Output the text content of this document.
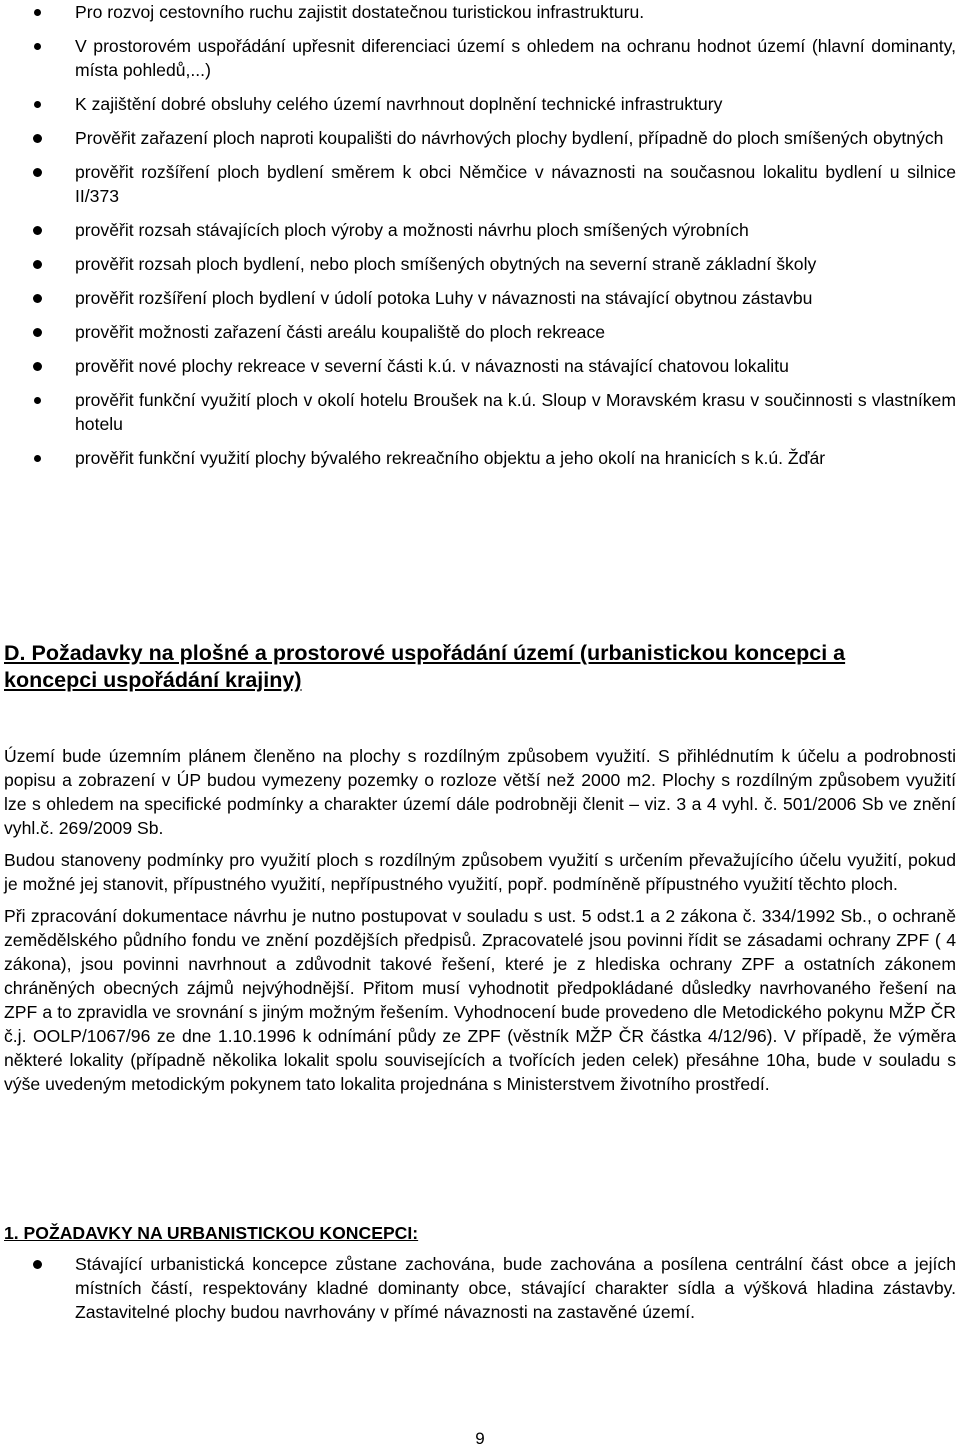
Pro rozvoj cestovního ruchu zajistit dostatečnou turistickou infrastrukturu.
V prostorovém uspořádání upřesnit diferenciaci území s ohledem na ochranu hodnot území (hlavní dominanty, místa pohledů,...)
K zajištění dobré obsluhy celého území navrhnout doplnění technické infrastruktury
Prověřit zařazení ploch naproti koupališti do návrhových plochy bydlení, případně do ploch smíšených obytných
prověřit rozšíření ploch bydlení směrem k obci Němčice v návaznosti na současnou lokalitu bydlení u silnice II/373
prověřit rozsah stávajících ploch výroby a možnosti návrhu ploch smíšených výrobních
prověřit rozsah ploch bydlení, nebo ploch smíšených obytných na severní straně základní školy
prověřit rozšíření ploch bydlení v údolí potoka Luhy v návaznosti na stávající obytnou zástavbu
prověřit možnosti zařazení části areálu koupaliště do ploch rekreace
prověřit nové plochy rekreace v severní části k.ú. v návaznosti na stávající chatovou lokalitu
prověřit funkční využití ploch v okolí hotelu Broušek na k.ú. Sloup v Moravském krasu v součinnosti s vlastníkem hotelu
prověřit funkční využití plochy bývalého rekreačního objektu a jeho okolí na hranicích s k.ú. Žďár
D. Požadavky na plošné a prostorové uspořádání území (urbanistickou koncepci a koncepci uspořádání krajiny)

Území bude územním plánem členěno na plochy s rozdílným způsobem využití. S přihlédnutím k účelu a podrobnosti popisu a zobrazení v ÚP budou vymezeny pozemky o rozloze větší než 2000 m2. Plochy s rozdílným způsobem využití lze s ohledem na specifické podmínky a charakter území dále podrobněji členit – viz. 3 a 4 vyhl. č. 501/2006 Sb ve znění vyhl.č. 269/2009 Sb.

Budou stanoveny podmínky pro využití ploch s rozdílným způsobem využití s určením převažujícího účelu využití, pokud je možné jej stanovit, přípustného využití, nepřípustného využití, popř. podmíněně přípustného využití těchto ploch.

Při zpracování dokumentace návrhu je nutno postupovat v souladu s ust. 5 odst.1 a 2 zákona č. 334/1992 Sb., o ochraně zemědělského půdního fondu ve znění pozdějších předpisů. Zpracovatelé jsou povinni řídit se zásadami ochrany ZPF ( 4 zákona), jsou povinni navrhnout a zdůvodnit takové řešení, které je z hlediska ochrany ZPF a ostatních zákonem chráněných obecných zájmů nejvýhodnější. Přitom musí vyhodnotit předpokládané důsledky navrhovaného řešení na ZPF a to zpravidla ve srovnání s jiným možným řešením. Vyhodnocení bude provedeno dle Metodického pokynu MŽP ČR č.j. OOLP/1067/96 ze dne 1.10.1996 k odnímání půdy ze ZPF (věstník MŽP ČR částka 4/12/96). V případě, že výměra některé lokality (případně několika lokalit spolu souvisejících a tvořících jeden celek) přesáhne 10ha, bude v souladu s výše uvedeným metodickým pokynem tato lokalita projednána s Ministerstvem životního prostředí.

1. POŽADAVKY NA URBANISTICKOU KONCEPCI:
Stávající urbanistická koncepce zůstane zachována, bude zachována a posílena centrální část obce a jejích místních částí, respektovány kladné dominanty obce, stávající charakter sídla a výšková hladina zástavby. Zastavitelné plochy budou navrhovány v přímé návaznosti na zastavěné území.
9
